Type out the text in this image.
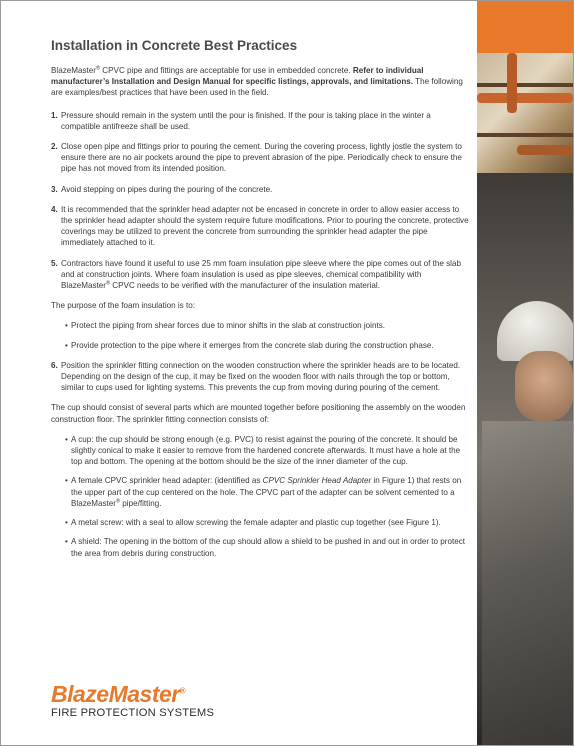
Installation in Concrete Best Practices

BlazeMaster® CPVC pipe and fittings are acceptable for use in embedded concrete. Refer to individual manufacturer’s Installation and Design Manual for specific listings, approvals, and limitations. The following are examples/best practices that have been used in the field.

1. Pressure should remain in the system until the pour is finished. If the pour is taking place in the winter a compatible antifreeze shall be used.
2. Close open pipe and fittings prior to pouring the cement. During the covering process, lightly jostle the system to ensure there are no air pockets around the pipe to prevent abrasion of the pipe. Periodically check to ensure the pipe has not moved from its intended position.
3. Avoid stepping on pipes during the pouring of the concrete.
4. It is recommended that the sprinkler head adapter not be encased in concrete in order to allow easier access to the sprinkler head adapter should the system require future modifications. Prior to pouring the concrete, protective coverings may be utilized to prevent the concrete from surrounding the sprinkler head adapter the pipe immediately attached to it.
5. Contractors have found it useful to use 25 mm foam insulation pipe sleeve where the pipe comes out of the slab and at construction joints. Where foam insulation is used as pipe sleeves, chemical compatibility with BlazeMaster® CPVC needs to be verified with the manufacturer of the insulation material.

The purpose of the foam insulation is to:

• Protect the piping from shear forces due to minor shifts in the slab at construction joints.
• Provide protection to the pipe where it emerges from the concrete slab during the construction phase.
6. Position the sprinkler fitting connection on the wooden construction where the sprinkler heads are to be located. Depending on the design of the cup, it may be fixed on the wooden floor with nails through the top or bottom, similar to cups used for lighting systems. This prevents the cup from moving during pouring of the cement.

The cup should consist of several parts which are mounted together before positioning the assembly on the wooden construction floor. The sprinkler fitting connection consists of:

• A cup: the cup should be strong enough (e.g. PVC) to resist against the pouring of the concrete. It should be slightly conical to make it easier to remove from the hardened concrete afterwards. It must have a hole at the top and bottom. The opening at the bottom should be the size of the inner diameter of the cup.
• A female CPVC sprinkler head adapter: (identified as CPVC Sprinkler Head Adapter in Figure 1) that rests on the upper part of the cup centered on the hole. The CPVC part of the adapter can be solvent cemented to a BlazeMaster® pipe/fitting.
• A metal screw: with a seal to allow screwing the female adapter and plastic cup together (see Figure 1).
• A shield: The opening in the bottom of the cup should allow a shield to be pushed in and out in order to protect the area from debris during construction.
BlazeMaster®
FIRE PROTECTION SYSTEMS
